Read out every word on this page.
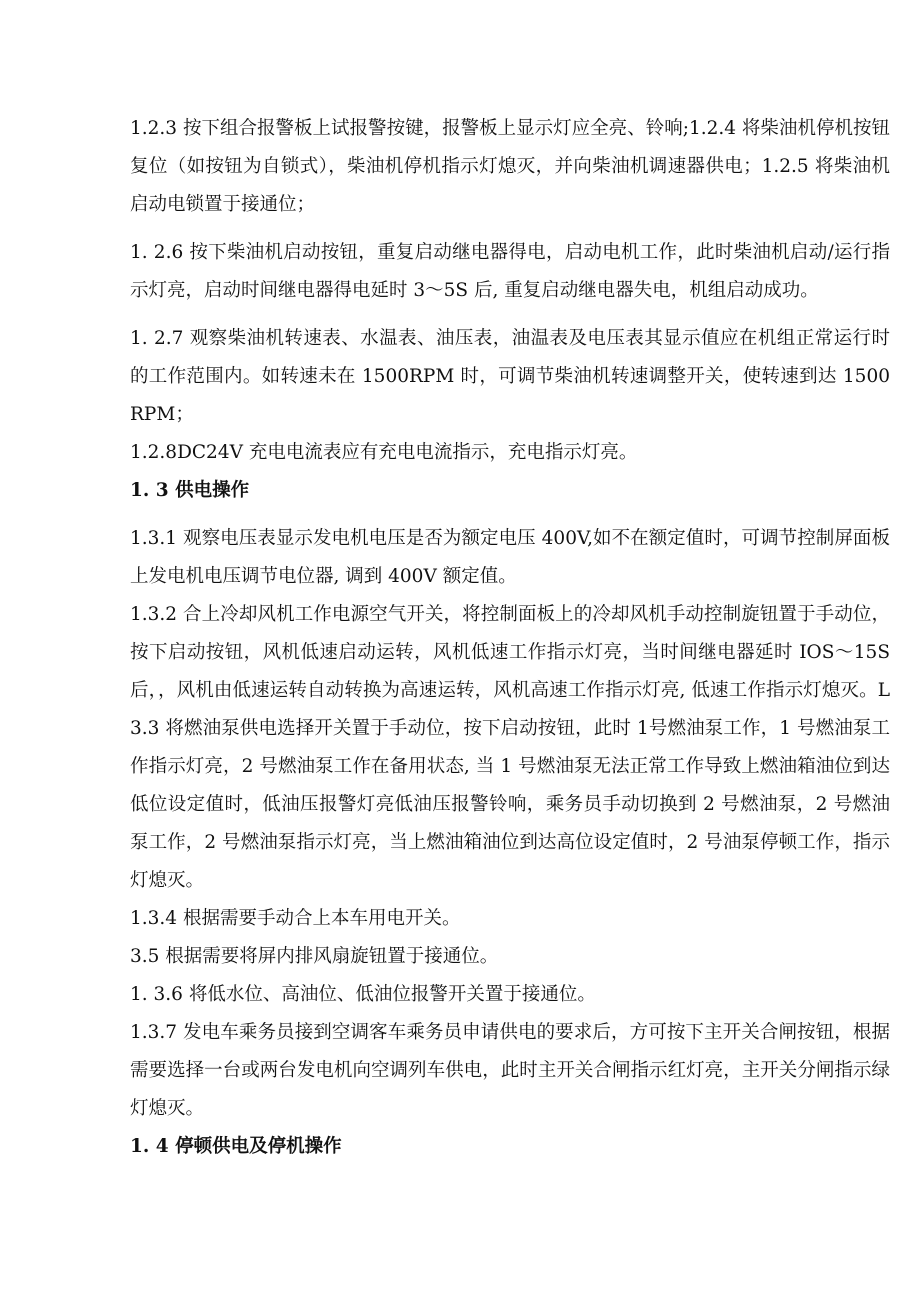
1.2.3 按下组合报警板上试报警按键，报警板上显示灯应全亮、铃响;1.2.4 将柴油机停机按钮复位（如按钮为自锁式），柴油机停机指示灯熄灭，并向柴油机调速器供电；1.2.5 将柴油机启动电锁置于接通位；

1. 2.6 按下柴油机启动按钮，重复启动继电器得电，启动电机工作，此时柴油机启动/运行指示灯亮，启动时间继电器得电延时 3～5S 后, 重复启动继电器失电，机组启动成功。

1. 2.7 观察柴油机转速表、水温表、油压表，油温表及电压表其显示值应在机组正常运行时的工作范围内。如转速未在 1500RPM 时，可调节柴油机转速调整开关，使转速到达 1500RPM；

1.2.8DC24V 充电电流表应有充电电流指示，充电指示灯亮。

1. 3 供电操作

1.3.1 观察电压表显示发电机电压是否为额定电压 400V,如不在额定值时，可调节控制屏面板上发电机电压调节电位器, 调到 400V 额定值。

1.3.2 合上冷却风机工作电源空气开关，将控制面板上的冷却风机手动控制旋钮置于手动位，按下启动按钮，风机低速启动运转，风机低速工作指示灯亮，当时间继电器延时 IOS～15S 后，，风机由低速运转自动转换为高速运转，风机高速工作指示灯亮, 低速工作指示灯熄灭。L3.3 将燃油泵供电选择开关置于手动位，按下启动按钮，此时 1号燃油泵工作，1 号燃油泵工作指示灯亮，2 号燃油泵工作在备用状态, 当 1 号燃油泵无法正常工作导致上燃油箱油位到达低位设定值时，低油压报警灯亮低油压报警铃响，乘务员手动切换到 2 号燃油泵，2 号燃油泵工作，2 号燃油泵指示灯亮，当上燃油箱油位到达高位设定值时，2 号油泵停顿工作，指示灯熄灭。

1.3.4 根据需要手动合上本车用电开关。

3.5 根据需要将屏内排风扇旋钮置于接通位。

1. 3.6 将低水位、高油位、低油位报警开关置于接通位。

1.3.7 发电车乘务员接到空调客车乘务员申请供电的要求后，方可按下主开关合闸按钮，根据需要选择一台或两台发电机向空调列车供电，此时主开关合闸指示红灯亮，主开关分闸指示绿灯熄灭。

1. 4 停顿供电及停机操作
